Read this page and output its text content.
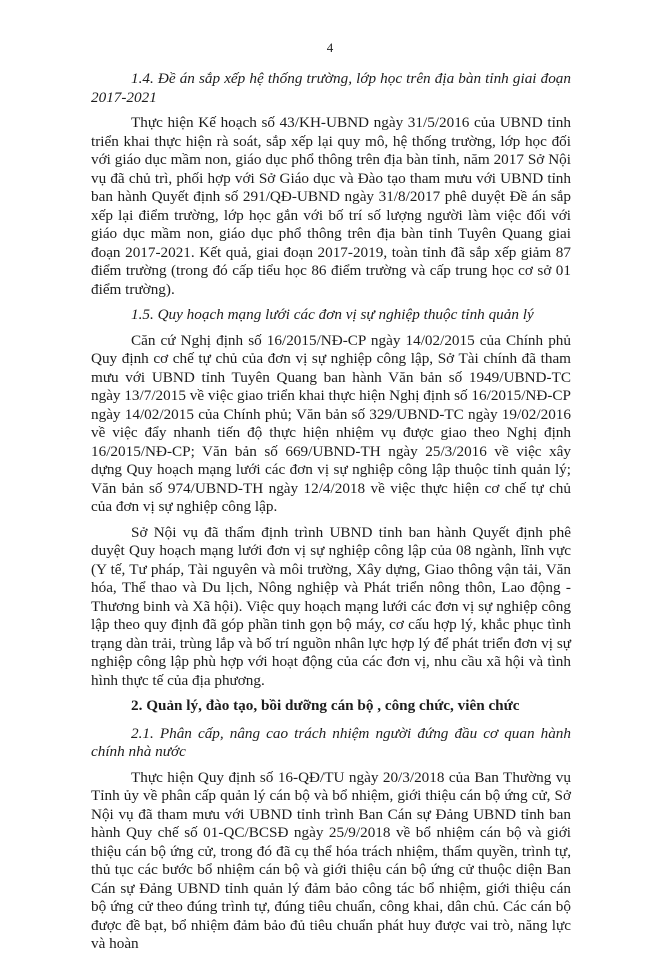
4

1.4. Đề án sắp xếp hệ thống trường, lớp học trên địa bàn tỉnh giai đoạn 2017-2021

Thực hiện Kế hoạch số 43/KH-UBND ngày 31/5/2016 của UBND tỉnh triển khai thực hiện rà soát, sắp xếp lại quy mô, hệ thống trường, lớp học đối với giáo dục mầm non, giáo dục phổ thông trên địa bàn tỉnh, năm 2017 Sở Nội vụ đã chủ trì, phối hợp với Sở Giáo dục và Đào tạo tham mưu với UBND tỉnh ban hành Quyết định số 291/QĐ-UBND ngày 31/8/2017 phê duyệt Đề án sắp xếp lại điểm trường, lớp học gắn với bố trí số lượng người làm việc đối với giáo dục mầm non, giáo dục phổ thông trên địa bàn tỉnh Tuyên Quang giai đoạn 2017-2021. Kết quả, giai đoạn 2017-2019, toàn tỉnh đã sắp xếp giảm 87 điểm trường (trong đó cấp tiểu học 86 điểm trường và cấp trung học cơ sở 01 điểm trường).

1.5. Quy hoạch mạng lưới các đơn vị sự nghiệp thuộc tỉnh quản lý

Căn cứ Nghị định số 16/2015/NĐ-CP ngày 14/02/2015 của Chính phủ Quy định cơ chế tự chủ của đơn vị sự nghiệp công lập, Sở Tài chính đã tham mưu với UBND tỉnh Tuyên Quang ban hành Văn bản số 1949/UBND-TC ngày 13/7/2015 về việc giao triển khai thực hiện Nghị định số 16/2015/NĐ-CP ngày 14/02/2015 của Chính phủ; Văn bản số 329/UBND-TC ngày 19/02/2016 về việc đẩy nhanh tiến độ thực hiện nhiệm vụ được giao theo Nghị định 16/2015/NĐ-CP; Văn bản số 669/UBND-TH ngày 25/3/2016 về việc xây dựng Quy hoạch mạng lưới các đơn vị sự nghiệp công lập thuộc tỉnh quản lý; Văn bản số 974/UBND-TH ngày 12/4/2018 về việc thực hiện cơ chế tự chủ của đơn vị sự nghiệp công lập.

Sở Nội vụ đã thẩm định trình UBND tỉnh ban hành Quyết định phê duyệt Quy hoạch mạng lưới đơn vị sự nghiệp công lập của 08 ngành, lĩnh vực (Y tế, Tư pháp, Tài nguyên và môi trường, Xây dựng, Giao thông vận tải, Văn hóa, Thể thao và Du lịch, Nông nghiệp và Phát triển nông thôn, Lao động - Thương binh và Xã hội). Việc quy hoạch mạng lưới các đơn vị sự nghiệp công lập theo quy định đã góp phần tinh gọn bộ máy, cơ cấu hợp lý, khắc phục tình trạng dàn trải, trùng lắp và bố trí nguồn nhân lực hợp lý để phát triển đơn vị sự nghiệp công lập phù hợp với hoạt động của các đơn vị, nhu cầu xã hội và tình hình thực tế của địa phương.

2. Quản lý, đào tạo, bồi dưỡng cán bộ , công chức, viên chức

2.1. Phân cấp, nâng cao trách nhiệm người đứng đầu cơ quan hành chính nhà nước

Thực hiện Quy định số 16-QĐ/TU ngày 20/3/2018 của Ban Thường vụ Tỉnh ủy về phân cấp quản lý cán bộ và bổ nhiệm, giới thiệu cán bộ ứng cử, Sở Nội vụ đã tham mưu với UBND tỉnh trình Ban Cán sự Đảng UBND tỉnh ban hành Quy chế số 01-QC/BCSĐ ngày 25/9/2018 về bổ nhiệm cán bộ và giới thiệu cán bộ ứng cử, trong đó đã cụ thể hóa trách nhiệm, thẩm quyền, trình tự, thủ tục các bước bổ nhiệm cán bộ và giới thiệu cán bộ ứng cử thuộc diện Ban Cán sự Đảng UBND tỉnh quản lý đảm bảo công tác bổ nhiệm, giới thiệu cán bộ ứng cử theo đúng trình tự, đúng tiêu chuẩn, công khai, dân chủ. Các cán bộ được đề bạt, bổ nhiệm đảm bảo đủ tiêu chuẩn phát huy được vai trò, năng lực và hoàn
